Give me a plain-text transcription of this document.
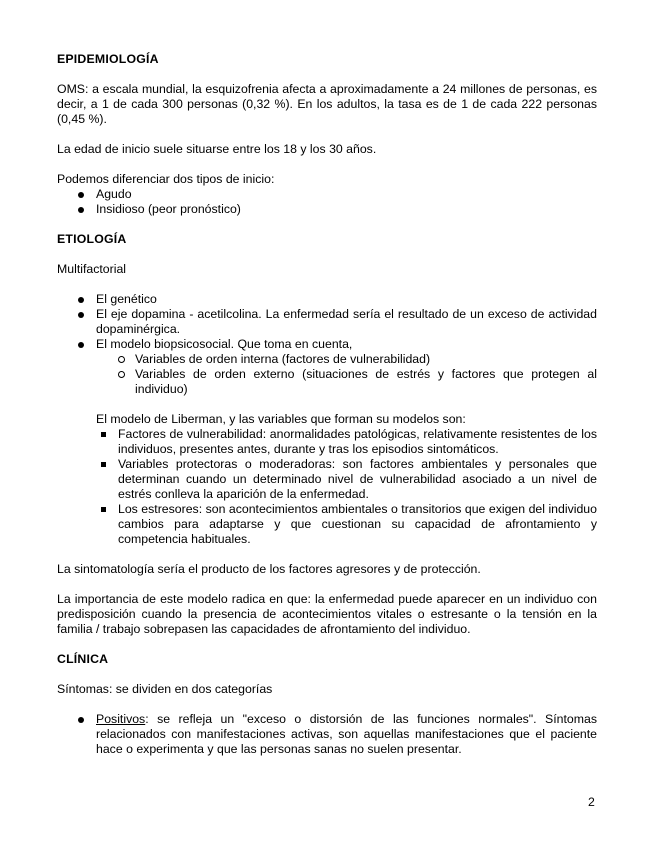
EPIDEMIOLOGÍA

OMS: a escala mundial, la esquizofrenia afecta a aproximadamente a 24 millones de personas, es decir, a 1 de cada 300 personas (0,32 %). En los adultos, la tasa es de 1 de cada 222 personas (0,45 %).

La edad de inicio suele situarse entre los 18 y los 30 años.

Podemos diferenciar dos tipos de inicio:

Agudo
Insidioso (peor pronóstico)
ETIOLOGÍA

Multifactorial

El genético
El eje dopamina - acetilcolina. La enfermedad sería el resultado de un exceso de actividad dopaminérgica.
El modelo biopsicosocial. Que toma en cuenta,
Variables de orden interna (factores de vulnerabilidad)
Variables de orden externo (situaciones de estrés y factores que protegen al individuo)

El modelo de Liberman, y las variables que forman su modelos son:

Factores de vulnerabilidad: anormalidades patológicas, relativamente resistentes de los individuos, presentes antes, durante y tras los episodios sintomáticos.
Variables protectoras o moderadoras: son factores ambientales y personales que determinan cuando un determinado nivel de vulnerabilidad asociado a un nivel de estrés conlleva la aparición de la enfermedad.
Los estresores: son acontecimientos ambientales o transitorios que exigen del individuo cambios para adaptarse y que cuestionan su capacidad de afrontamiento y competencia habituales.

La sintomatología sería el producto de los factores agresores y de protección.

La importancia de este modelo radica en que: la enfermedad puede aparecer en un individuo con predisposición cuando la presencia de acontecimientos vitales o estresante o la tensión en la familia / trabajo sobrepasen las capacidades de afrontamiento del individuo.

CLÍNICA

Síntomas: se dividen en dos categorías

Positivos: se refleja un "exceso o distorsión de las funciones normales". Síntomas relacionados con manifestaciones activas, son aquellas manifestaciones que el paciente hace o experimenta y que las personas sanas no suelen presentar.
2
